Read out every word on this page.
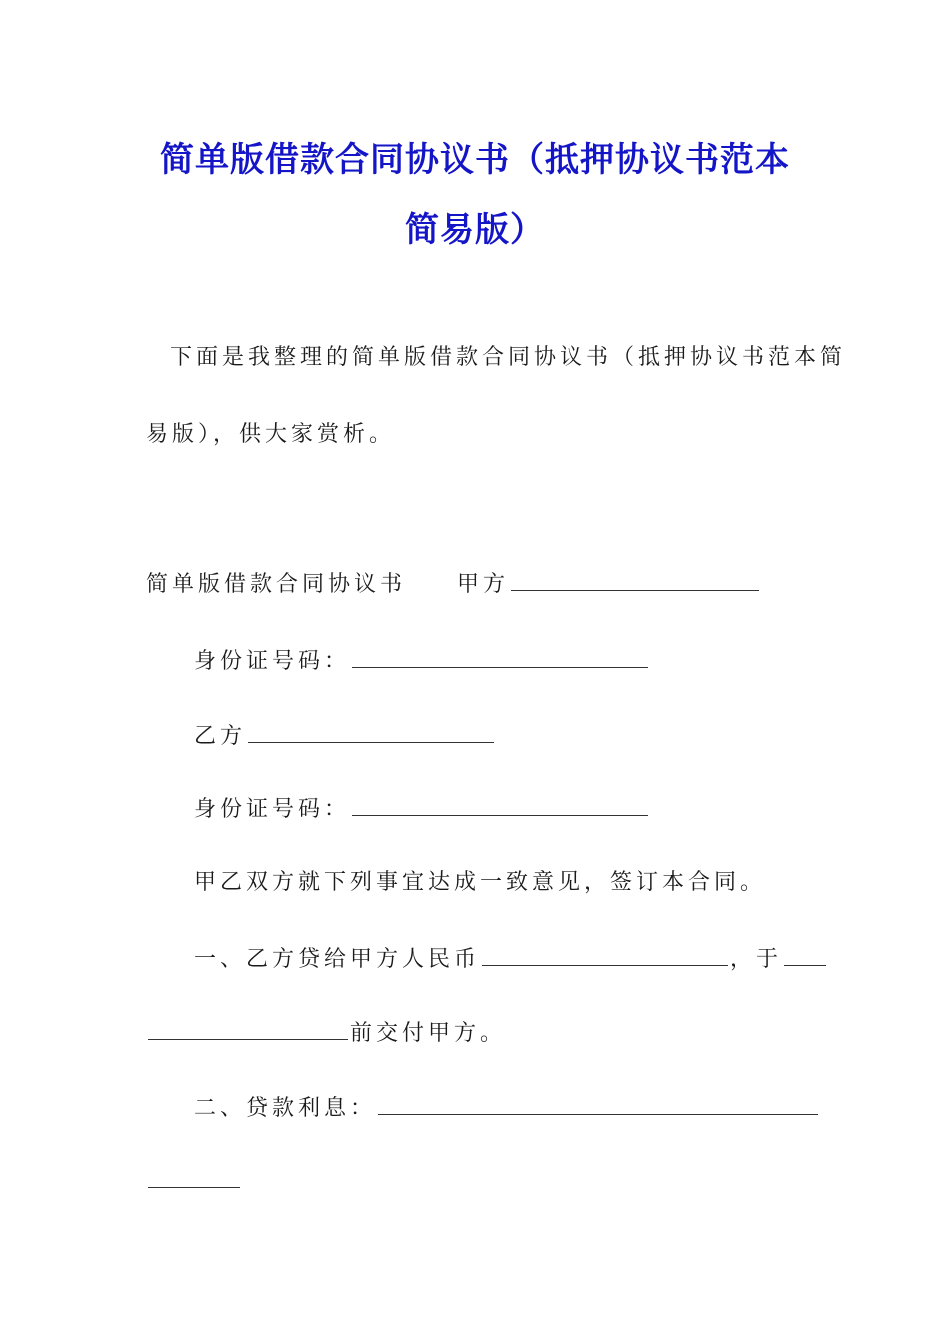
简单版借款合同协议书（抵押协议书范本
简易版）
下面是我整理的简单版借款合同协议书（抵押协议书范本简
易版），供大家赏析。
简单版借款合同协议书 甲方
身份证号码：
乙方
身份证号码：
甲乙双方就下列事宜达成一致意见，签订本合同。
一、乙方贷给甲方人民币	，于
前交付甲方。
二、贷款利息：
